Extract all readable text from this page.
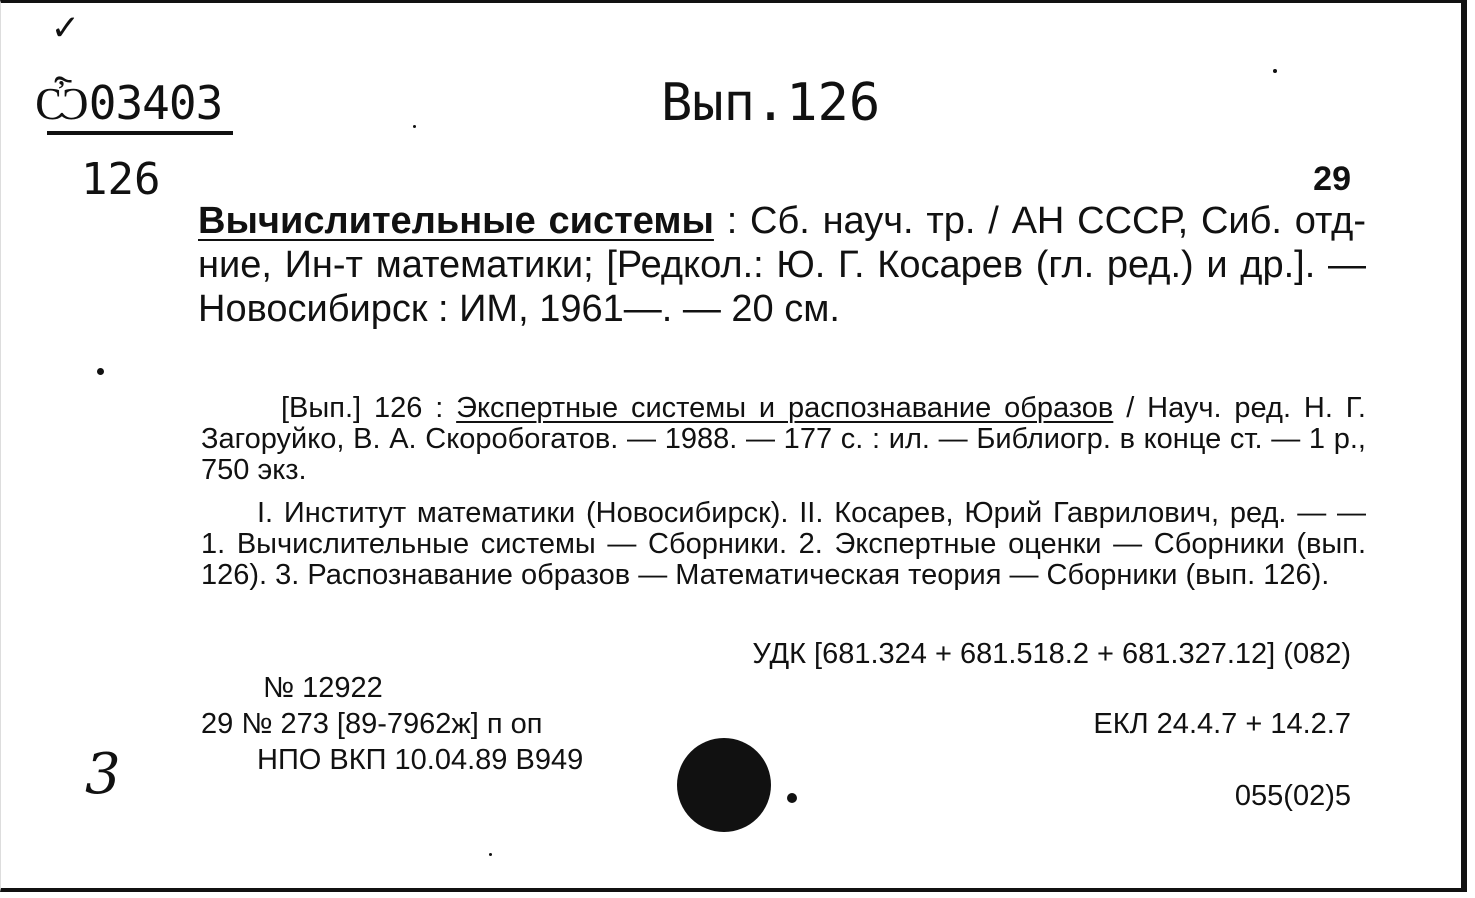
✓
Ѽ03403	Вып.126
126
3
29
Вычислительные системы : Сб. науч. тр. / АН СССР, Сиб. отд-ние, Ин-т математики; [Редкол.: Ю. Г. Косарев (гл. ред.) и др.]. — Новосибирск : ИМ, 1961—. — 20 см.
[Вып.] 126 : Экспертные системы и распознавание образов / Науч. ред. Н. Г. Загоруйко, В. А. Скоробогатов. — 1988. — 177 с. : ил. — Библиогр. в конце ст. — 1 р., 750 экз.
I. Институт математики (Новосибирск). II. Косарев, Юрий Гаврилович, ред. — — 1. Вычислительные системы — Сборники. 2. Экспертные оценки — Сборники (вып. 126). 3. Распознавание образов — Математическая теория — Сборники (вып. 126).
УДК [681.324 + 681.518.2 + 681.327.12] (082)
№ 12922
29 № 273 [89-7962ж] п оп	ЕКЛ 24.4.7 + 14.2.7
НПО ВКП 10.04.89 В949
055(02)5
